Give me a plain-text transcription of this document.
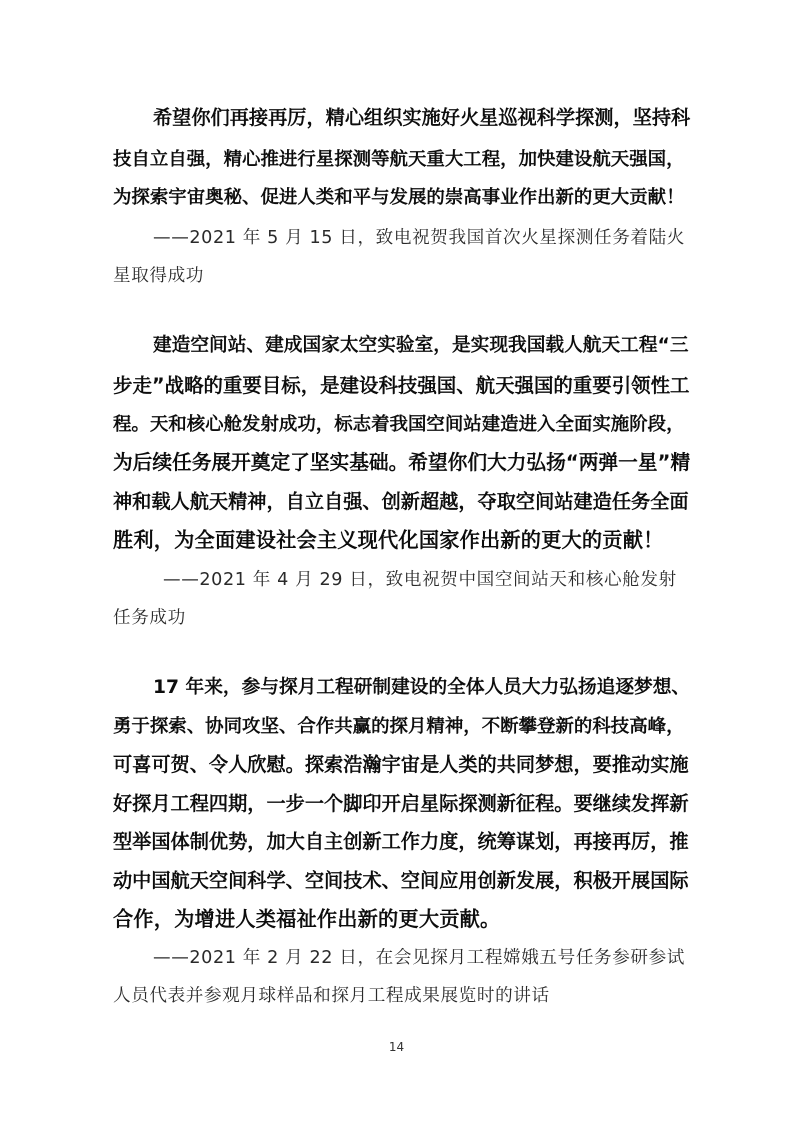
希望你们再接再厉，精心组织实施好火星巡视科学探测，坚持科
技自立自强，精心推进行星探测等航天重大工程，加快建设航天强国，
为探索宇宙奥秘、促进人类和平与发展的崇高事业作出新的更大贡献！
——2021 年 5 月 15 日，致电祝贺我国首次火星探测任务着陆火
星取得成功
建造空间站、建成国家太空实验室，是实现我国载人航天工程“三
步走”战略的重要目标，是建设科技强国、航天强国的重要引领性工
程。天和核心舱发射成功，标志着我国空间站建造进入全面实施阶段，
为后续任务展开奠定了坚实基础。希望你们大力弘扬“两弹一星”精
神和载人航天精神，自立自强、创新超越，夺取空间站建造任务全面
胜利，为全面建设社会主义现代化国家作出新的更大的贡献！
——2021 年 4 月 29 日，致电祝贺中国空间站天和核心舱发射
任务成功
17 年来，参与探月工程研制建设的全体人员大力弘扬追逐梦想、
勇于探索、协同攻坚、合作共赢的探月精神，不断攀登新的科技高峰，
可喜可贺、令人欣慰。探索浩瀚宇宙是人类的共同梦想，要推动实施
好探月工程四期，一步一个脚印开启星际探测新征程。要继续发挥新
型举国体制优势，加大自主创新工作力度，统筹谋划，再接再厉，推
动中国航天空间科学、空间技术、空间应用创新发展，积极开展国际
合作，为增进人类福祉作出新的更大贡献。
——2021 年 2 月 22 日，在会见探月工程嫦娥五号任务参研参试
人员代表并参观月球样品和探月工程成果展览时的讲话
14
